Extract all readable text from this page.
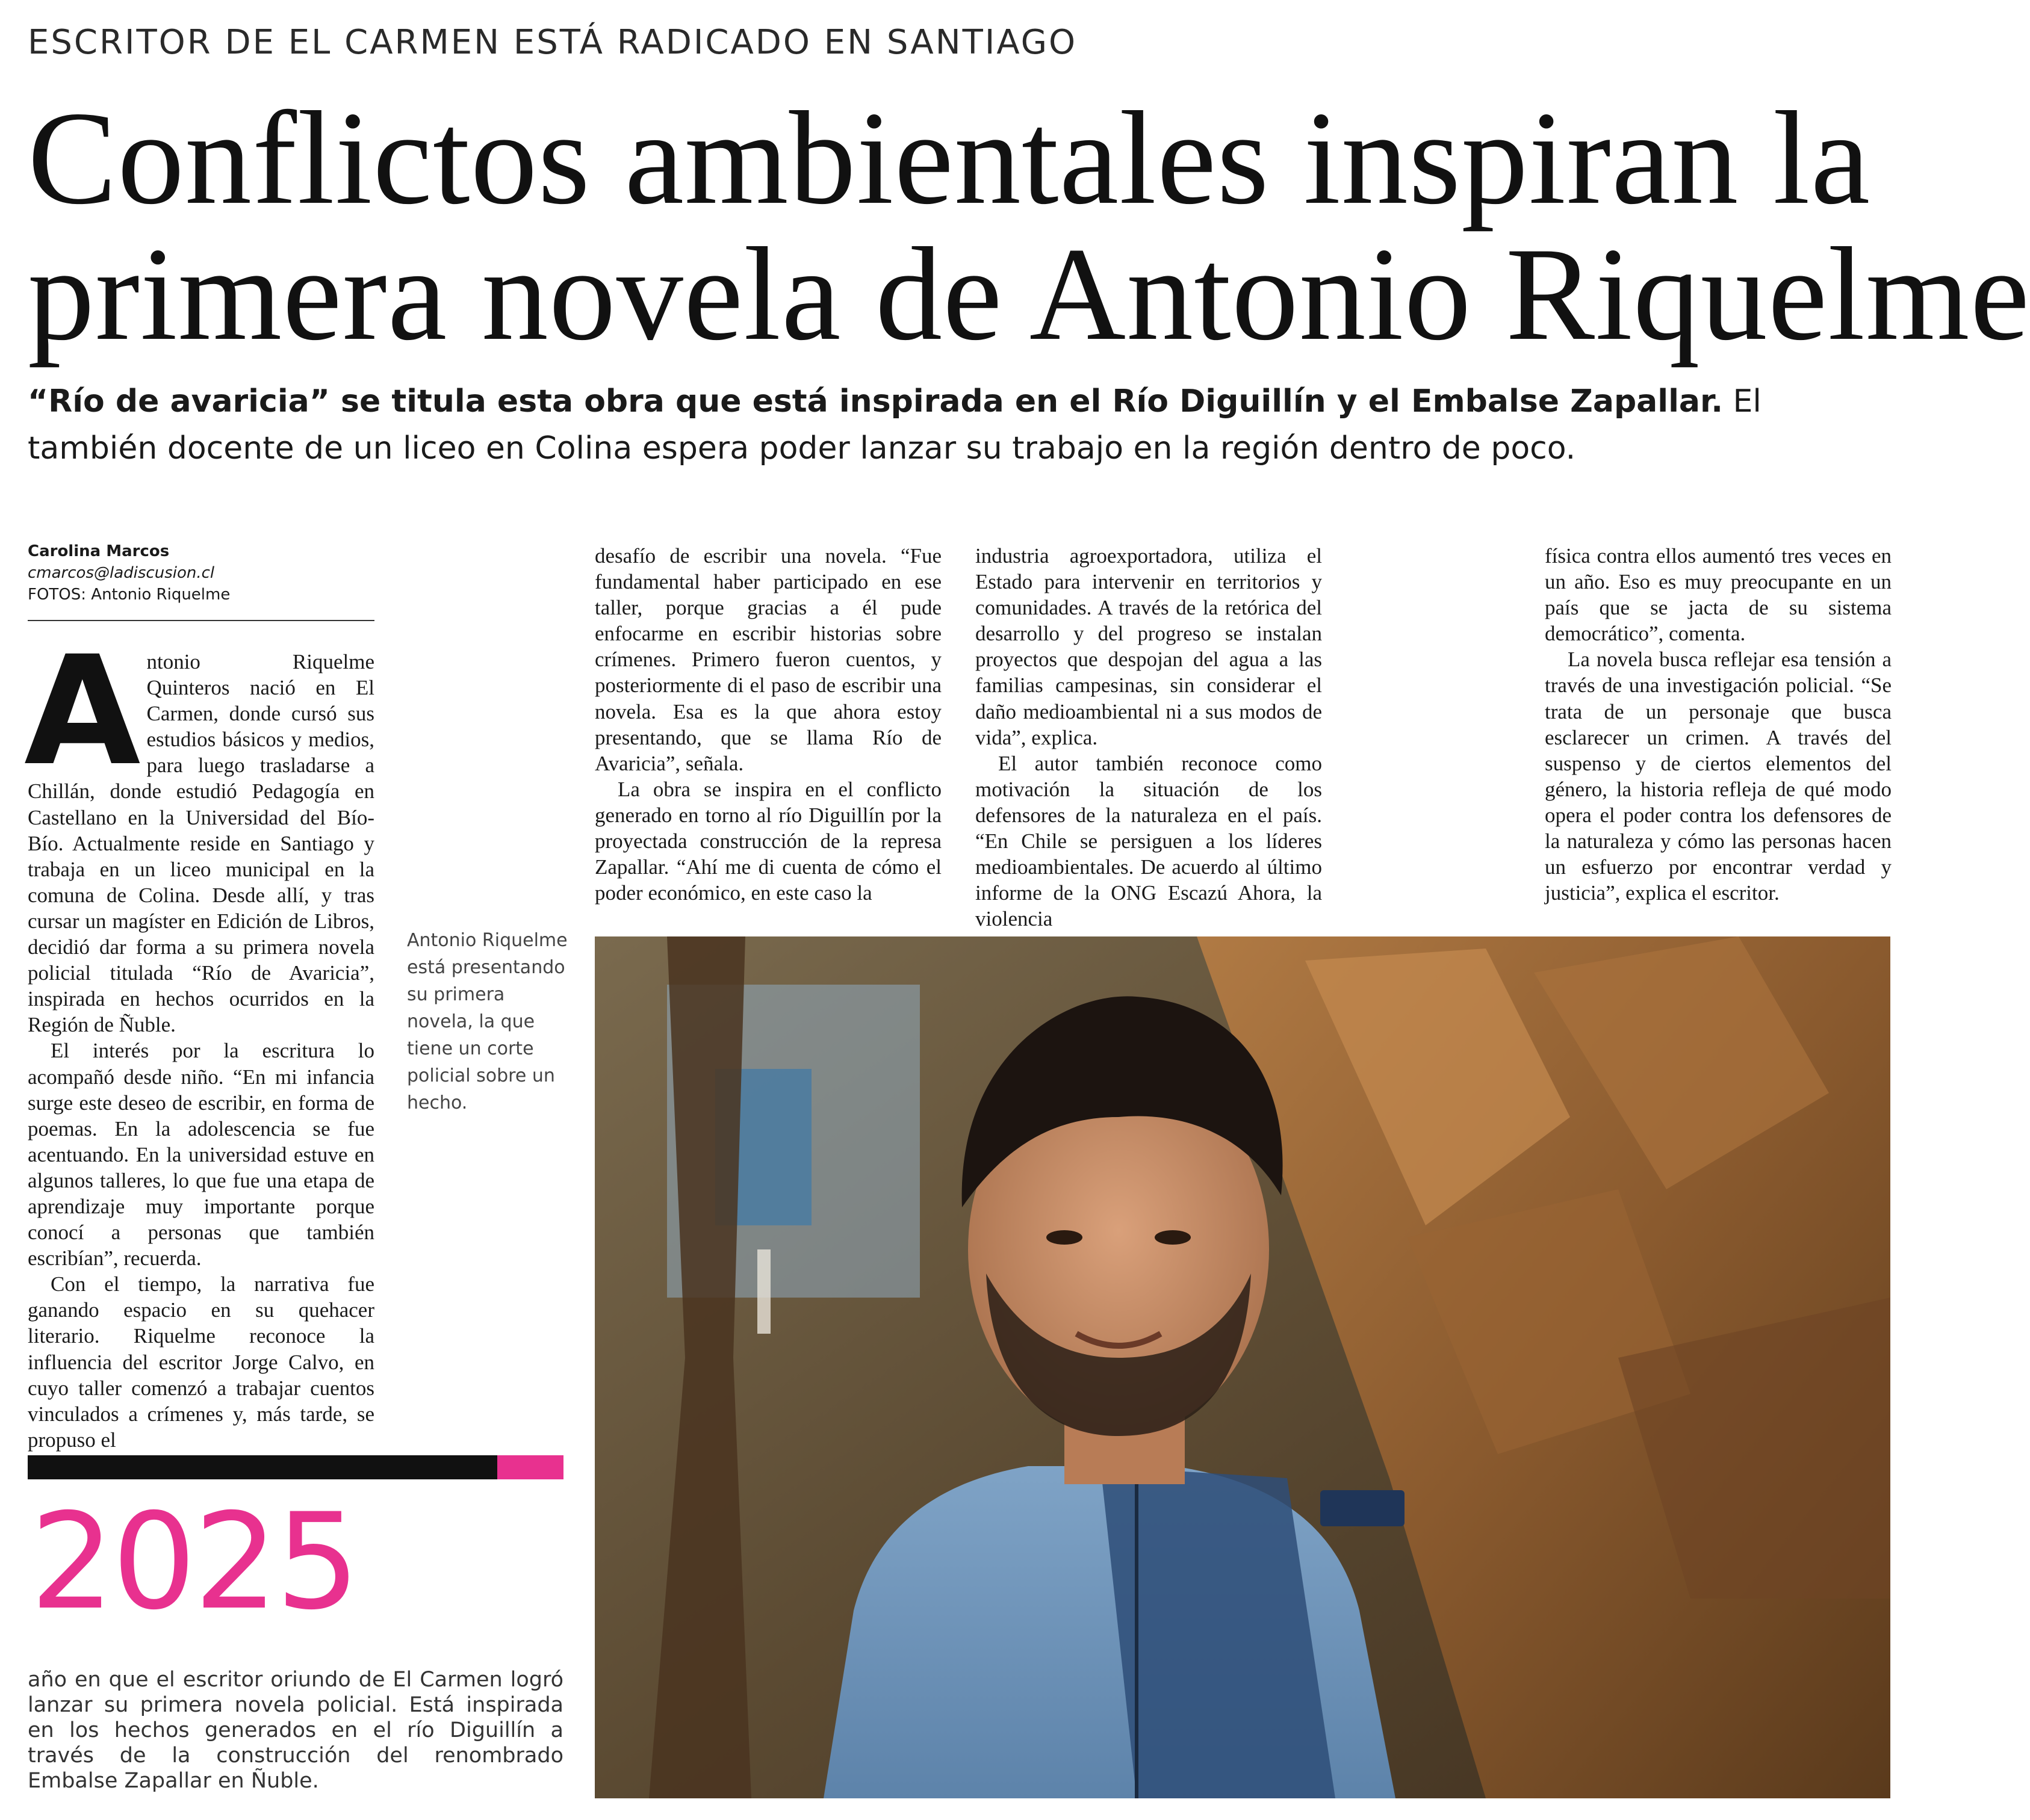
ESCRITOR DE EL CARMEN ESTÁ RADICADO EN SANTIAGO
Conflictos ambientales inspiran la
primera novela de Antonio Riquelme
“Río de avaricia” se titula esta obra que está inspirada en el Río Diguillín y el Embalse Zapallar. El también docente de un liceo en Colina espera poder lanzar su trabajo en la región dentro de poco.
Carolina Marcos
cmarcos@ladiscusion.cl
FOTOS: Antonio Riquelme

Antonio Riquelme Quinteros nació en El Carmen, donde cursó sus estudios básicos y medios, para luego trasladarse a Chillán, donde estudió Pedagogía en Castellano en la Universidad del Bío-Bío. Actualmente reside en Santiago y trabaja en un liceo municipal en la comuna de Colina. Desde allí, y tras cursar un magíster en Edición de Libros, decidió dar forma a su primera novela policial titulada “Río de Avaricia”, inspirada en hechos ocurridos en la Región de Ñuble.

El interés por la escritura lo acompañó desde niño. “En mi infancia surge este deseo de escribir, en forma de poemas. En la adolescencia se fue acentuando. En la universidad estuve en algunos talleres, lo que fue una etapa de aprendizaje muy importante porque conocí a personas que también escribían”, recuerda.

Con el tiempo, la narrativa fue ganando espacio en su quehacer literario. Riquelme reconoce la influencia del escritor Jorge Calvo, en cuyo taller comenzó a trabajar cuentos vinculados a crímenes y, más tarde, se propuso el

desafío de escribir una novela. “Fue fundamental haber participado en ese taller, porque gracias a él pude enfocarme en escribir historias sobre crímenes. Primero fueron cuentos, y posteriormente di el paso de escribir una novela. Esa es la que ahora estoy presentando, que se llama Río de Avaricia”, señala.

La obra se inspira en el conflicto generado en torno al río Diguillín por la proyectada construcción de la represa Zapallar. “Ahí me di cuenta de cómo el poder económico, en este caso la

industria agroexportadora, utiliza el Estado para intervenir en territorios y comunidades. A través de la retórica del desarrollo y del progreso se instalan proyectos que despojan del agua a las familias campesinas, sin considerar el daño medioambiental ni a sus modos de vida”, explica.

El autor también reconoce como motivación la situación de los defensores de la naturaleza en el país. “En Chile se persiguen a los líderes medioambientales. De acuerdo al último informe de la ONG Escazú Ahora, la violencia

física contra ellos aumentó tres veces en un año. Eso es muy preocupante en un país que se jacta de su sistema democrático”, comenta.

La novela busca reflejar esa tensión a través de una investigación policial. “Se trata de un personaje que busca esclarecer un crimen. A través del suspenso y de ciertos elementos del género, la historia refleja de qué modo opera el poder contra los defensores de la naturaleza y cómo las personas hacen un esfuerzo por encontrar verdad y justicia”, explica el escritor.

Antonio Riquelme está presentando su primera novela, la que tiene un corte policial sobre un hecho.
2025
año en que el escritor oriundo de El Carmen logró lanzar su primera novela policial. Está inspirada en los hechos generados en el río Diguillín a través de la construcción del renombrado Embalse Zapallar en Ñuble.
